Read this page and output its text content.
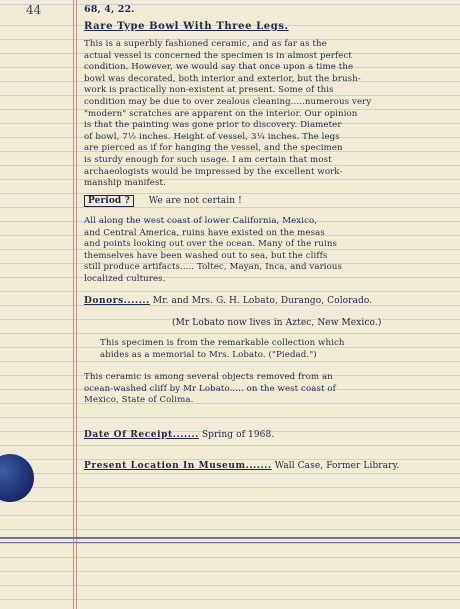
44	68, 4, 22.
Rare Type Bowl With Three Legs.
This is a superbly fashioned ceramic, and as far as the
actual vessel is concerned the specimen is in almost perfect
condition. However, we would say that once upon a time the
bowl was decorated, both interior and exterior, but the brush-
work is practically non-existent at present. Some of this
condition may be due to over zealous cleaning.....numerous very
"modern" scratches are apparent on the interior. Our opinion
is that the painting was gone prior to discovery. Diameter
of bowl, 7½ inches. Height of vessel, 3¼ inches. The legs
are pierced as if for hanging the vessel, and the specimen
is sturdy enough for such usage. I am certain that most
archaeologists would be impressed by the excellent work-
manship manifest.
Period ? We are not certain !
All along the west coast of lower California, Mexico,
and Central America, ruins have existed on the mesas
and points looking out over the ocean. Many of the ruins
themselves have been washed out to sea, but the cliffs
still produce artifacts..... Toltec, Mayan, Inca, and various
localized cultures.
Donors....... Mr. and Mrs. G. H. Lobato, Durango, Colorado.
(Mr Lobato now lives in Aztec, New Mexico.)
This specimen is from the remarkable collection which
abides as a memorial to Mrs. Lobato. ("Piedad.")
This ceramic is among several objects removed from an
ocean-washed cliff by Mr Lobato..... on the west coast of
Mexico, State of Colima.
Date Of Receipt....... Spring of 1968.
Present Location In Museum....... Wall Case, Former Library.
